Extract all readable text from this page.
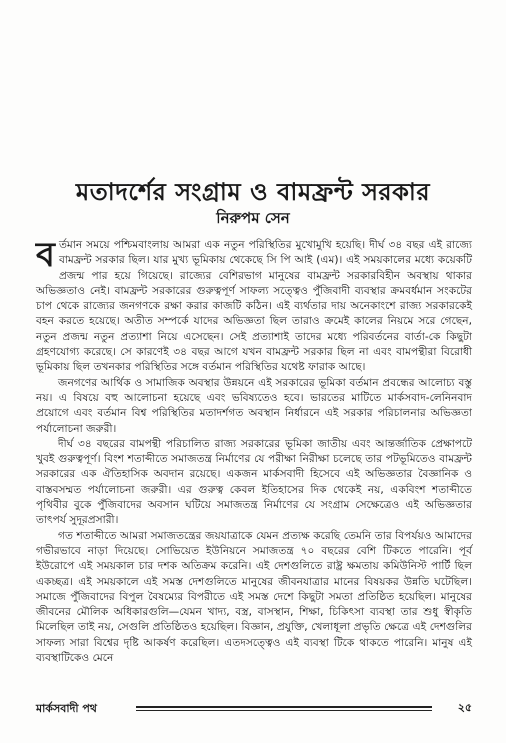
মতাদর্শের সংগ্রাম ও বামফ্রন্ট সরকার
নিরুপম সেন

বর্তমান সময়ে পশ্চিমবাংলায় আমরা এক নতুন পরিস্থিতির মুখোমুখি হয়েছি। দীর্ঘ ৩৪ বছর এই রাজ্যে বামফ্রন্ট সরকার ছিল। যার মুখ্য ভূমিকায় থেকেছে সি পি আই (এম)। এই সময়কালের মধ্যে কয়েকটি প্রজন্ম পার হয়ে গিয়েছে। রাজ্যের বেশিরভাগ মানুষের বামফ্রন্ট সরকারবিহীন অবস্থায় থাকার অভিজ্ঞতাও নেই। বামফ্রন্ট সরকারের গুরুত্বপূর্ণ সাফল্য সত্ত্বেও পুঁজিবাদী ব্যবস্থার ক্রমবর্ধমান সংকটের চাপ থেকে রাজ্যের জনগণকে রক্ষা করার কাজটি কঠিন। এই ব্যর্থতার দায় অনেকাংশে রাজ্য সরকারকেই বহন করতে হয়েছে। অতীত সম্পর্কে যাদের অভিজ্ঞতা ছিল তারাও ক্রমেই কালের নিয়মে সরে গেছেন, নতুন প্রজন্ম নতুন প্রত্যাশা নিয়ে এসেছেন। সেই প্রত্যাশাই তাদের মধ্যে পরিবর্তনের বার্তা-কে কিছুটা গ্রহণযোগ্য করেছে। সে কারণেই ৩৪ বছর আগে যখন বামফ্রন্ট সরকার ছিল না এবং বামপন্থীরা বিরোধী ভূমিকায় ছিল তখনকার পরিস্থিতির সঙ্গে বর্তমান পরিস্থিতির যথেষ্ট ফারাক আছে।

জনগণের আর্থিক ও সামাজিক অবস্থার উন্নয়নে এই সরকারের ভূমিকা বর্তমান প্রবন্ধের আলোচ্য বস্তু নয়। এ বিষয়ে বহু আলোচনা হয়েছে এবং ভবিষ্যতেও হবে। ভারতের মাটিতে মার্কসবাদ-লেনিনবাদ প্রয়োগে এবং বর্তমান বিশ্ব পরিস্থিতির মতাদর্শগত অবস্থান নির্ধারনে এই সরকার পরিচালনার অভিজ্ঞতা পর্যালোচনা জরুরী।

দীর্ঘ ৩৪ বছরের বামপন্থী পরিচালিত রাজ্য সরকারের ভূমিকা জাতীয় এবং আন্তর্জাতিক প্রেক্ষাপটে খুবই গুরুত্বপূর্ণ। বিংশ শতাব্দীতে সমাজতন্ত্র নির্মাণের যে পরীক্ষা নিরীক্ষা চলেছে তার পটভূমিতেও বামফ্রন্ট সরকারের এক ঐতিহাসিক অবদান রয়েছে। একজন মার্কসবাদী হিসেবে এই অভিজ্ঞতার বৈজ্ঞানিক ও বাস্তবসম্মত পর্যালোচনা জরুরী। এর গুরুত্ব কেবল ইতিহাসের দিক থেকেই নয়, একবিংশ শতাব্দীতে পৃথিবীর বুকে পুঁজিবাদের অবসান ঘটিয়ে সমাজতন্ত্র নির্মাণের যে সংগ্রাম সেক্ষেত্রেও এই অভিজ্ঞতার তাৎপর্য সুদূরপ্রসারী।

গত শতাব্দীতে আমরা সমাজতন্ত্রের জয়যাত্রাকে যেমন প্রত্যক্ষ করেছি তেমনি তার বিপর্যয়ও আমাদের গভীরভাবে নাড়া দিয়েছে। সোভিয়েত ইউনিয়নে সমাজতন্ত্র ৭০ বছরের বেশি টিকতে পারেনি। পূর্ব ইউরোপে এই সময়কাল চার দশক অতিক্রম করেনি। এই দেশগুলিতে রাষ্ট্র ক্ষমতায় কমিউনিস্ট পার্টি ছিল একচ্ছত্র। এই সময়কালে এই সমস্ত দেশগুলিতে মানুষের জীবনযাত্রার মানের বিষয়কর উন্নতি ঘটেছিল। সমাজে পুঁজিবাদের বিপুল বৈষম্যের বিপরীতে এই সমস্ত দেশে কিছুটা সমতা প্রতিষ্ঠিত হয়েছিল। মানুষের জীবনের মৌলিক অধিকারগুলি—যেমন খাদ্য, বস্ত্র, বাসস্থান, শিক্ষা, চিকিৎসা ব্যবস্থা তার শুধু স্বীকৃতি মিলেছিল তাই নয়, সেগুলি প্রতিষ্ঠিতও হয়েছিল। বিজ্ঞান, প্রযুক্তি, খেলাধূলা প্রভৃতি ক্ষেত্রে এই দেশগুলির সাফল্য সারা বিশ্বের দৃষ্টি আকর্ষণ করেছিল। এতদসত্ত্বেও এই ব্যবস্থা টিকে থাকতে পারেনি। মানুষ এই ব্যবস্থাটিকেও মেনে

মার্কসবাদী পথ	২৫
